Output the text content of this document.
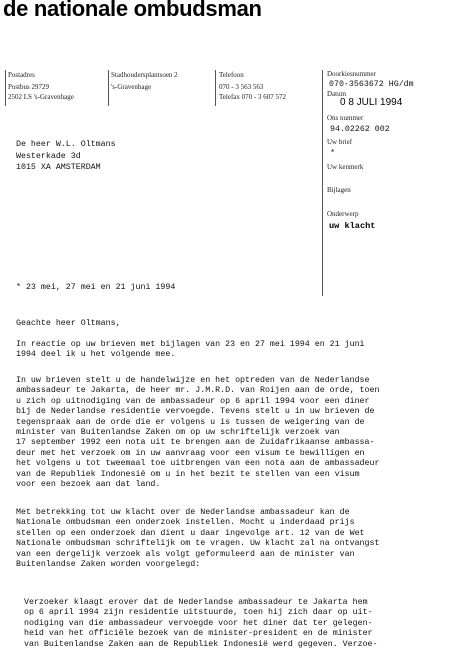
de nationale ombudsman
Postadres
Postbus 29729
2502 LS 's-Gravenhage
Stadhoudersplantsoen 2
's-Gravenhage
Telefoon
070 - 3 563 563
Telefax 070 - 3 607 572
Doorkiesnummer
070-3563672 HG/dm
Datum
0 8 JULI 1994
Ons nummer
94.02262 002
Uw brief
*
Uw kenmerk
Bijlagen
Onderwerp
uw klacht
De heer W.L. Oltmans
Westerkade 3d
1015 XA AMSTERDAM
* 23 mei, 27 mei en 21 juni 1994
Geachte heer Oltmans,

In reactie op uw brieven met bijlagen van 23 en 27 mei 1994 en 21 juni
1994 deel ik u het volgende mee.

In uw brieven stelt u de handelwijze en het optreden van de Nederlandse
ambassadeur te Jakarta, de heer mr. J.M.R.D. van Roijen aan de orde, toen
u zich op uitnodiging van de ambassadeur op 6 april 1994 voor een diner
bij de Nederlandse residentie vervoegde. Tevens stelt u in uw brieven de
tegenspraak aan de orde die er volgens u is tussen de weigering van de
minister van Buitenlandse Zaken om op uw schriftelijk verzoek van
17 september 1992 een nota uit te brengen aan de Zuidafrikaanse ambassa-
deur met het verzoek om in uw aanvraag voor een visum te bewilligen en
het volgens u tot tweemaal toe uitbrengen van een nota aan de ambassadeur
van de Republiek Indonesië om u in het bezit te stellen van een visum
voor een bezoek aan dat land.

Met betrekking tot uw klacht over de Nederlandse ambassadeur kan de
Nationale ombudsman een onderzoek instellen. Mocht u inderdaad prijs
stellen op een onderzoek dan dient u daar ingevolge art. 12 van de Wet
Nationale ombudsman schriftelijk om te vragen. Uw klacht zal na ontvangst
van een dergelijk verzoek als volgt geformuleerd aan de minister van
Buitenlandse Zaken worden voorgelegd:

Verzoeker klaagt erover dat de Nederlandse ambassadeur te Jakarta hem
op 6 april 1994 zijn residentie uitstuurde, toen hij zich daar op uit-
nodiging van die ambassadeur vervoegde voor het diner dat ter gelegen-
heid van het officiële bezoek van de minister-president en de minister
van Buitenlandse Zaken aan de Republiek Indonesië werd gegeven. Verzoe-
